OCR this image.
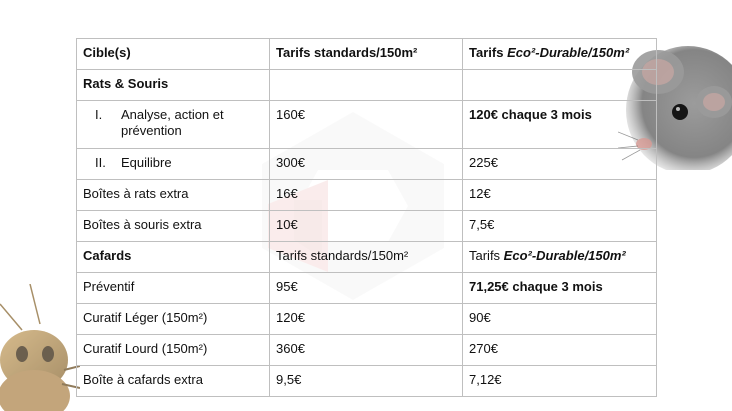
Cible(s)	Tarifs standards/150m²	Tarifs Eco²-Durable/150m²
Rats & Souris		
I. Analyse, action et prévention	160€	120€ chaque 3 mois
II. Equilibre	300€	225€
Boîtes à rats extra	16€	12€
Boîtes à souris extra	10€	7,5€
Cafards	Tarifs standards/150m²	Tarifs Eco²-Durable/150m²
Préventif	95€	71,25€ chaque 3 mois
Curatif Léger (150m²)	120€	90€
Curatif Lourd (150m²)	360€	270€
Boîte à cafards extra	9,5€	7,12€
